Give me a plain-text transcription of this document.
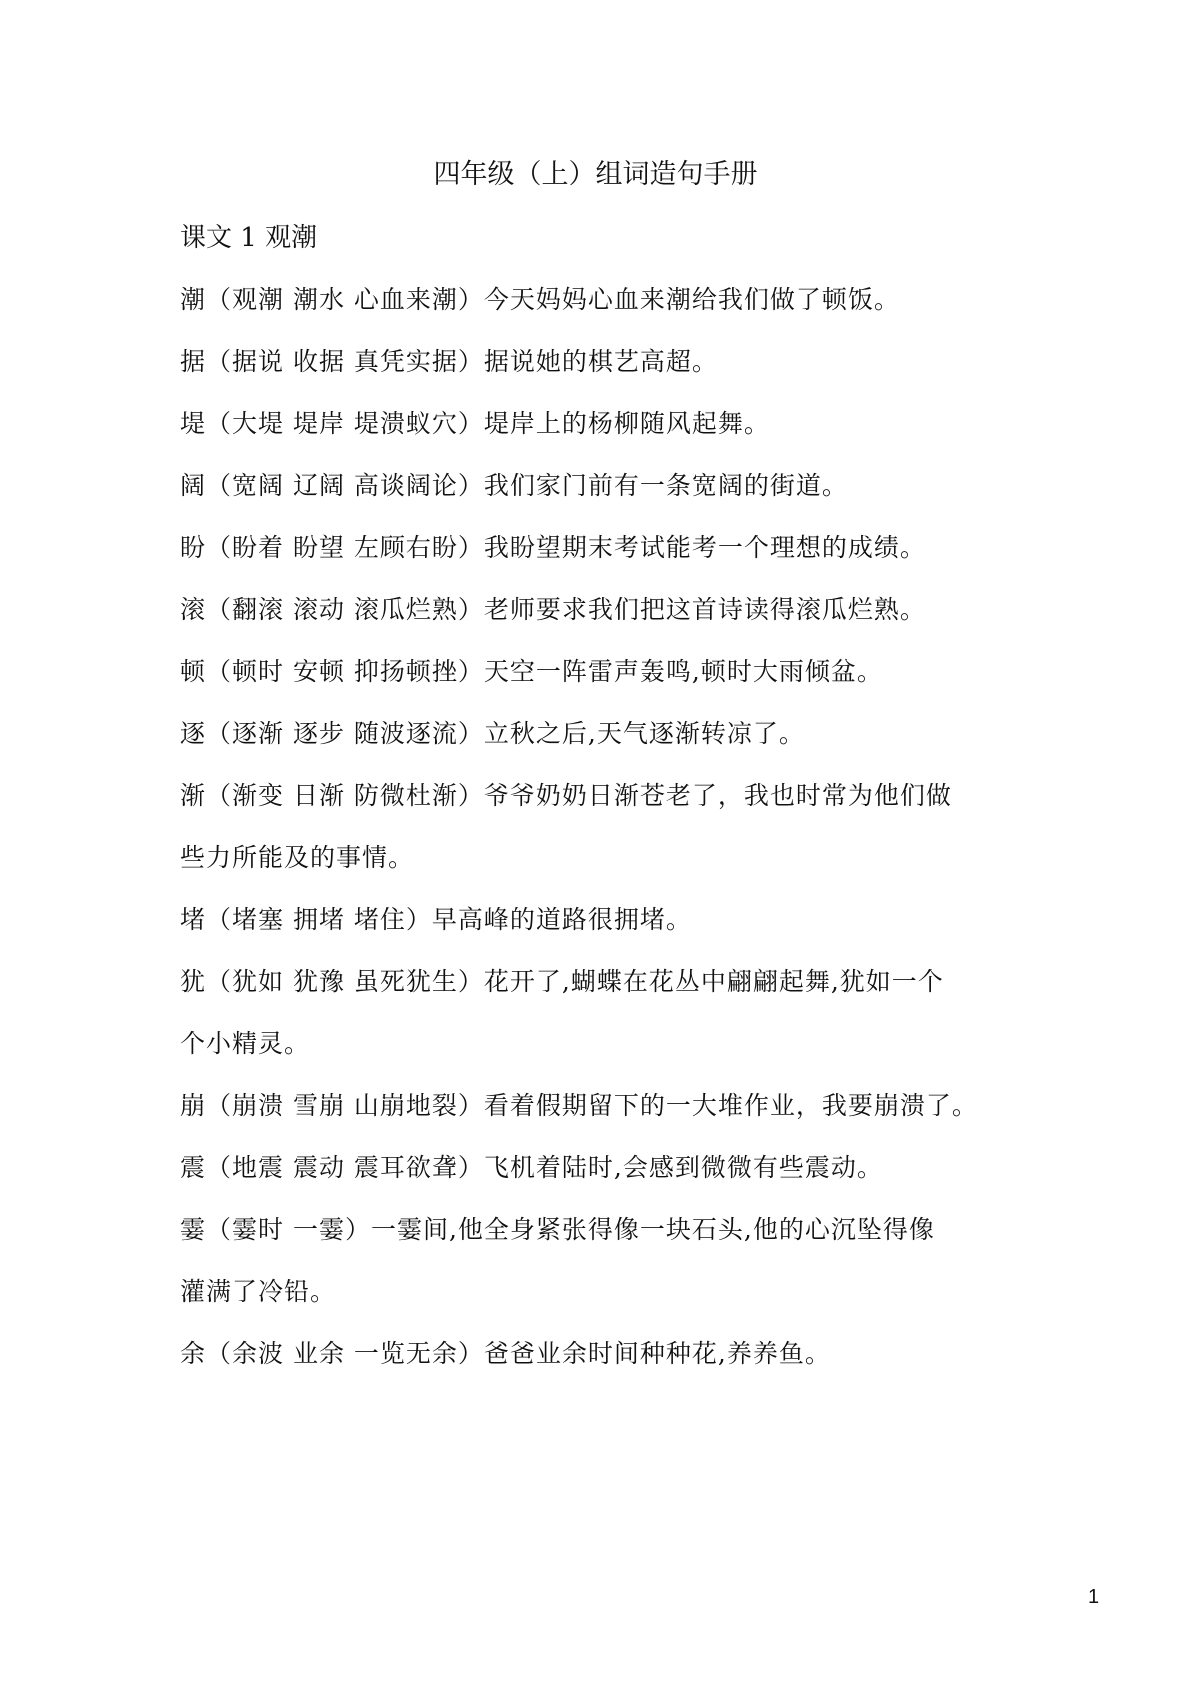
四年级（上）组词造句手册
课文 1 观潮
潮（观潮 潮水 心血来潮）今天妈妈心血来潮给我们做了顿饭。
据（据说 收据 真凭实据）据说她的棋艺高超。
堤（大堤 堤岸 堤溃蚁穴）堤岸上的杨柳随风起舞。
阔（宽阔 辽阔 高谈阔论）我们家门前有一条宽阔的街道。
盼（盼着 盼望 左顾右盼）我盼望期末考试能考一个理想的成绩。
滚（翻滚 滚动 滚瓜烂熟）老师要求我们把这首诗读得滚瓜烂熟。
顿（顿时 安顿 抑扬顿挫）天空一阵雷声轰鸣,顿时大雨倾盆。
逐（逐渐 逐步 随波逐流）立秋之后,天气逐渐转凉了。
渐（渐变 日渐 防微杜渐）爷爷奶奶日渐苍老了，我也时常为他们做
些力所能及的事情。
堵（堵塞 拥堵 堵住）早高峰的道路很拥堵。
犹（犹如 犹豫 虽死犹生）花开了,蝴蝶在花丛中翩翩起舞,犹如一个
个小精灵。
崩（崩溃 雪崩 山崩地裂）看着假期留下的一大堆作业，我要崩溃了。
震（地震 震动 震耳欲聋）飞机着陆时,会感到微微有些震动。
霎（霎时 一霎）一霎间,他全身紧张得像一块石头,他的心沉坠得像
灌满了冷铅。
余（余波 业余 一览无余）爸爸业余时间种种花,养养鱼。
1
